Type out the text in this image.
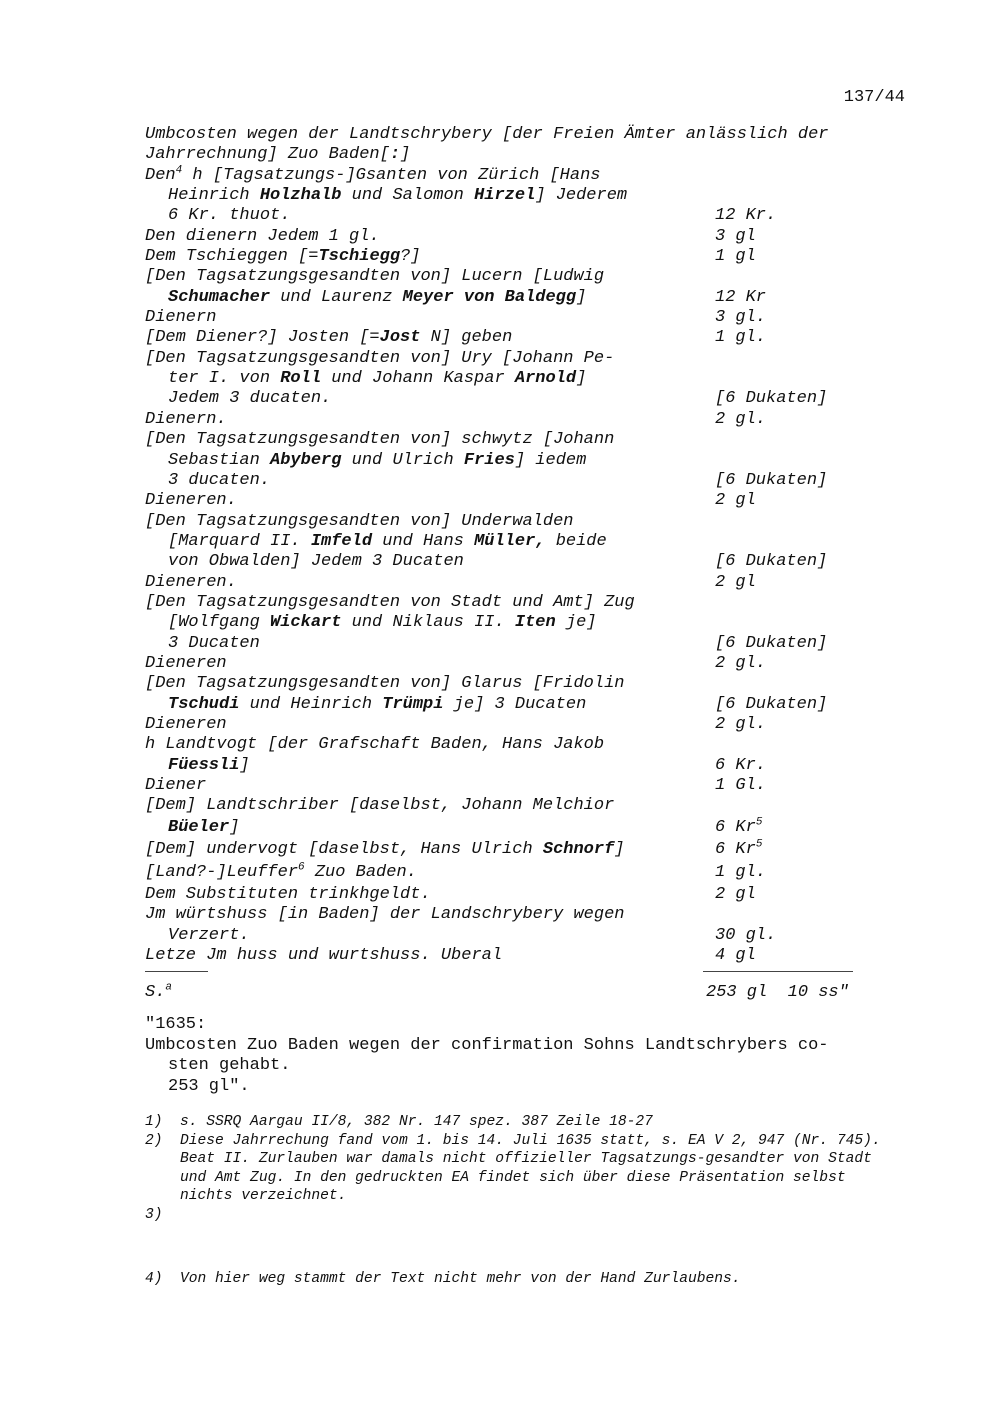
137/44
Umbcosten wegen der Landtschrybery [der Freien Ämter anlässlich der
Jahrrechnung] Zuo Baden[:]
Den$^4$ h [Tagsatzungs-]Gsanten von Zürich [Hans
Heinrich Holzhalb und Salomon Hirzel] Jederem
6 Kr. thuot.	12 Kr.
Den dienern Jedem 1 gl.	3 gl
Dem Tschieggen [=Tschiegg?]	1 gl
[Den Tagsatzungsgesandten von] Lucern [Ludwig
Schumacher und Laurenz Meyer von Baldegg]	12 Kr
Dienern	3 gl.
[Dem Diener?] Josten [=Jost N] geben	1 gl.
[Den Tagsatzungsgesandten von] Ury [Johann Pe-
ter I. von Roll und Johann Kaspar Arnold]
Jedem 3 ducaten.	[6 Dukaten]
Dienern.	2 gl.
[Den Tagsatzungsgesandten von] schwytz [Johann
Sebastian Abyberg und Ulrich Fries] iedem
3 ducaten.	[6 Dukaten]
Dieneren.	2 gl
[Den Tagsatzungsgesandten von] Underwalden
[Marquard II. Imfeld und Hans Müller, beide
von Obwalden] Jedem 3 Ducaten	[6 Dukaten]
Dieneren.	2 gl
[Den Tagsatzungsgesandten von Stadt und Amt] Zug
[Wolfgang Wickart und Niklaus II. Iten je]
3 Ducaten	[6 Dukaten]
Dieneren	2 gl.
[Den Tagsatzungsgesandten von] Glarus [Fridolin
Tschudi und Heinrich Trümpi je] 3 Ducaten	[6 Dukaten]
Dieneren	2 gl.
h Landtvogt [der Grafschaft Baden, Hans Jakob
Füessli]	6 Kr.
Diener	1 Gl.
[Dem] Landtschriber [daselbst, Johann Melchior
Büeler]	6 Kr$^5$
[Dem] undervogt [daselbst, Hans Ulrich Schnorf]	6 Kr$^5$
[Land?-]Leuffer$^6$ Zuo Baden.	1 gl.
Dem Substituten trinkhgeldt.	2 gl
Jm würtshuss [in Baden] der Landschrybery wegen
Verzert.	30 gl.
Letze Jm huss und wurtshuss. Uberal	4 gl
S.$^a$	253 gl  10 ss"
"1635:
Umbcosten Zuo Baden wegen der confirmation Sohns Landtschrybers co-
sten gehabt.
253 gl".
1) s. SSRQ Aargau II/8, 382 Nr. 147 spez. 387 Zeile 18-27
2) Diese Jahrrechung fand vom 1. bis 14. Juli 1635 statt, s. EA V 2, 947 (Nr. 745). Beat II. Zurlauben war damals nicht offizieller Tagsatzungs-gesandter von Stadt und Amt Zug. In den gedruckten EA findet sich über diese Präsentation selbst nichts verzeichnet.
3)

4) Von hier weg stammt der Text nicht mehr von der Hand Zurlaubens.
